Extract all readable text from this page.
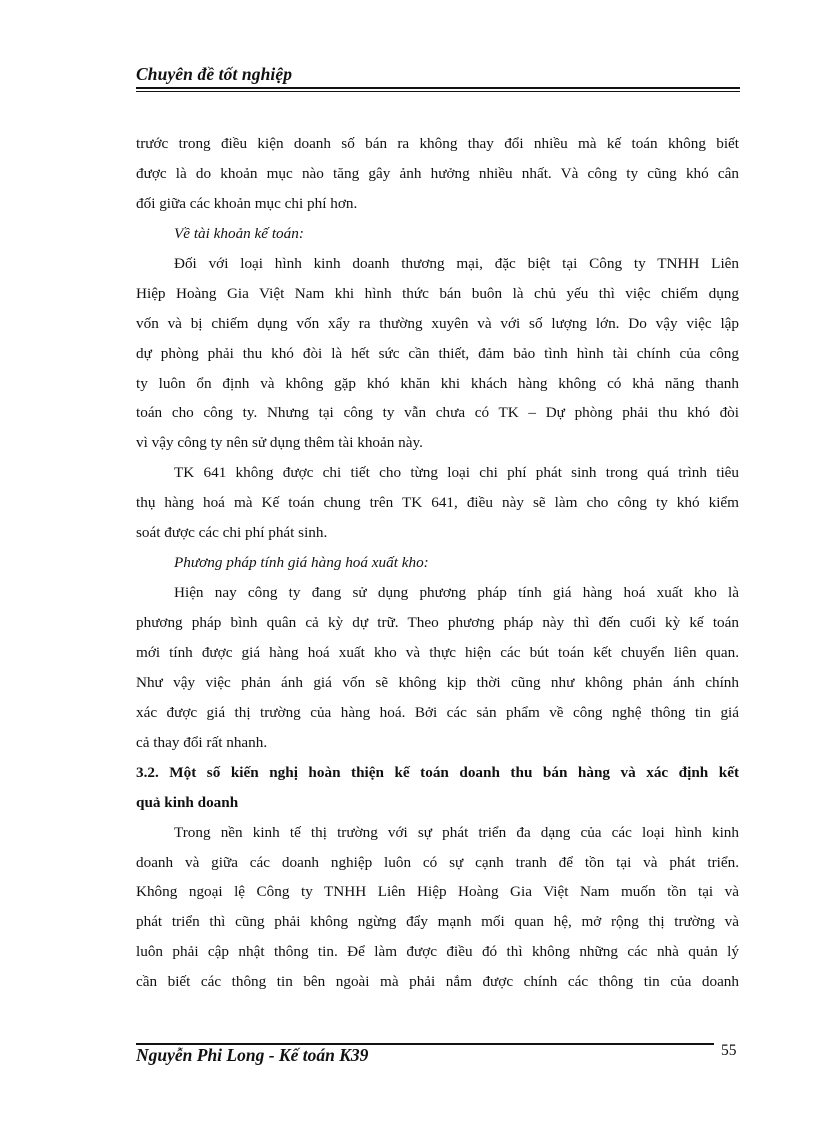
Chuyên đề tốt nghiệp
trước trong điều kiện doanh số bán ra không thay đổi nhiều mà kế toán không biết
được là do khoản mục nào tăng gây ảnh hưởng nhiều nhất. Và công ty cũng khó cân
đối giữa các khoản mục chi phí hơn.
Về tài khoản kế toán:
Đối với loại hình kinh doanh thương mại, đặc biệt tại Công ty TNHH Liên
Hiệp Hoàng Gia Việt Nam khi hình thức bán buôn là chủ yếu thì việc chiếm dụng
vốn và bị chiếm dụng vốn xẩy ra thường xuyên và với số lượng lớn. Do vậy việc lập
dự phòng phải thu khó đòi là hết sức cần thiết, đảm bảo tình hình tài chính của công
ty luôn ổn định và không gặp khó khăn khi khách hàng không có khả năng thanh
toán cho công ty. Nhưng tại công ty vẫn chưa có TK – Dự phòng phải thu khó đòi
vì vậy công ty nên sử dụng thêm tài khoản này.
TK 641 không được chi tiết cho từng loại chi phí phát sinh trong quá trình tiêu
thụ hàng hoá mà Kế toán chung trên TK 641, điều này sẽ làm cho công ty khó kiểm
soát được các chi phí phát sinh.
Phương pháp tính giá hàng hoá xuất kho:
Hiện nay công ty đang sử dụng phương pháp tính giá hàng hoá xuất kho là
phương pháp bình quân cả kỳ dự trữ. Theo phương pháp này thì đến cuối kỳ kế toán
mới tính được giá hàng hoá xuất kho và thực hiện các bút toán kết chuyển liên quan.
Như vậy việc phản ánh giá vốn sẽ không kịp thời cũng như không phản ánh chính
xác được giá thị trường của hàng hoá. Bởi các sản phẩm về công nghệ thông tin giá
cả thay đổi rất nhanh.
3.2. Một số kiến nghị hoàn thiện kế toán doanh thu bán hàng và xác định kết
quả kinh doanh
Trong nền kinh tế thị trường với sự phát triển đa dạng của các loại hình kinh
doanh và giữa các doanh nghiệp luôn có sự cạnh tranh để tồn tại và phát triển.
Không ngoại lệ Công ty TNHH Liên Hiệp Hoàng Gia Việt Nam muốn tồn tại và
phát triển thì cũng phải không ngừng đẩy mạnh mối quan hệ, mở rộng thị trường và
luôn phải cập nhật thông tin. Để làm được điều đó thì không những các nhà quản lý
cần biết các thông tin bên ngoài mà phải nắm được chính các thông tin của doanh
Nguyễn Phi Long - Kế toán K39	55
